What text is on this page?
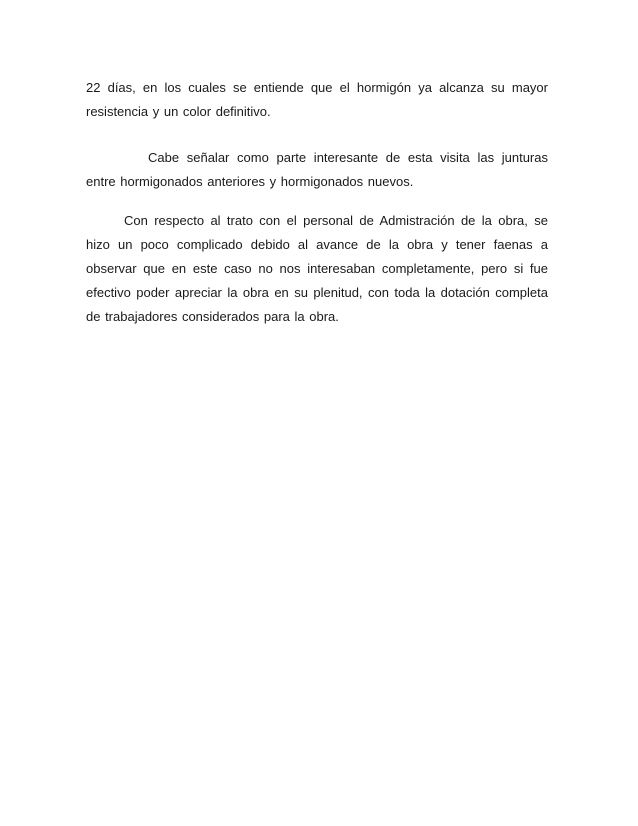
22 días, en los cuales se entiende que el hormigón ya alcanza su mayor resistencia y un color definitivo.

Cabe señalar como parte interesante de esta visita las junturas entre hormigonados anteriores y hormigonados nuevos.

Con respecto al trato con el personal de Admistración de la obra, se hizo un poco complicado debido al avance de la obra y tener faenas a observar que en este caso no nos interesaban completamente, pero si fue efectivo poder apreciar la obra en su plenitud, con toda la dotación completa de trabajadores considerados para la obra.
